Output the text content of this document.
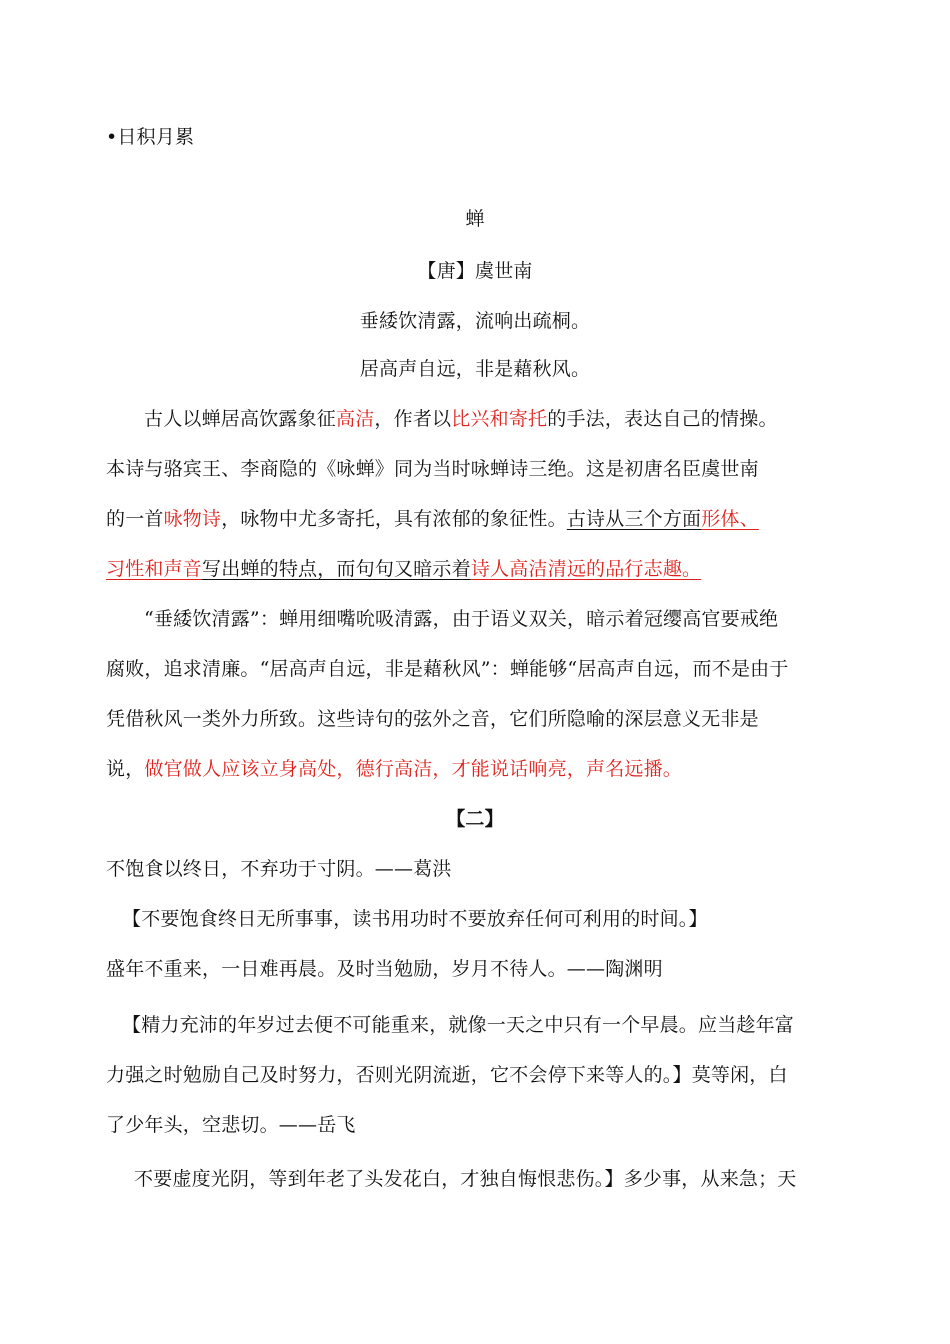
•日积月累
蝉
【唐】虞世南
垂緌饮清露，流响出疏桐。
居高声自远，非是藉秋风。
古人以蝉居高饮露象征高洁，作者以比兴和寄托的手法，表达自己的情操。
本诗与骆宾王、李商隐的《咏蝉》同为当时咏蝉诗三绝。这是初唐名臣虞世南
的一首咏物诗，咏物中尤多寄托，具有浓郁的象征性。古诗从三个方面形体、
习性和声音写出蝉的特点，而句句又暗示着诗人高洁清远的品行志趣。
“垂緌饮清露”：蝉用细嘴吮吸清露，由于语义双关，暗示着冠缨高官要戒绝
腐败，追求清廉。“居高声自远，非是藉秋风”：蝉能够“居高声自远，而不是由于
凭借秋风一类外力所致。这些诗句的弦外之音，它们所隐喻的深层意义无非是
说，做官做人应该立身高处，德行高洁，才能说话响亮，声名远播。
【二】
不饱食以终日，不弃功于寸阴。——葛洪
【不要饱食终日无所事事，读书用功时不要放弃任何可利用的时间。】
盛年不重来，一日难再晨。及时当勉励，岁月不待人。——陶渊明
【精力充沛的年岁过去便不可能重来，就像一天之中只有一个早晨。应当趁年富
力强之时勉励自己及时努力，否则光阴流逝，它不会停下来等人的。】莫等闲，白
了少年头，空悲切。——岳飞
不要虚度光阴，等到年老了头发花白，才独自悔恨悲伤。】多少事，从来急；天
